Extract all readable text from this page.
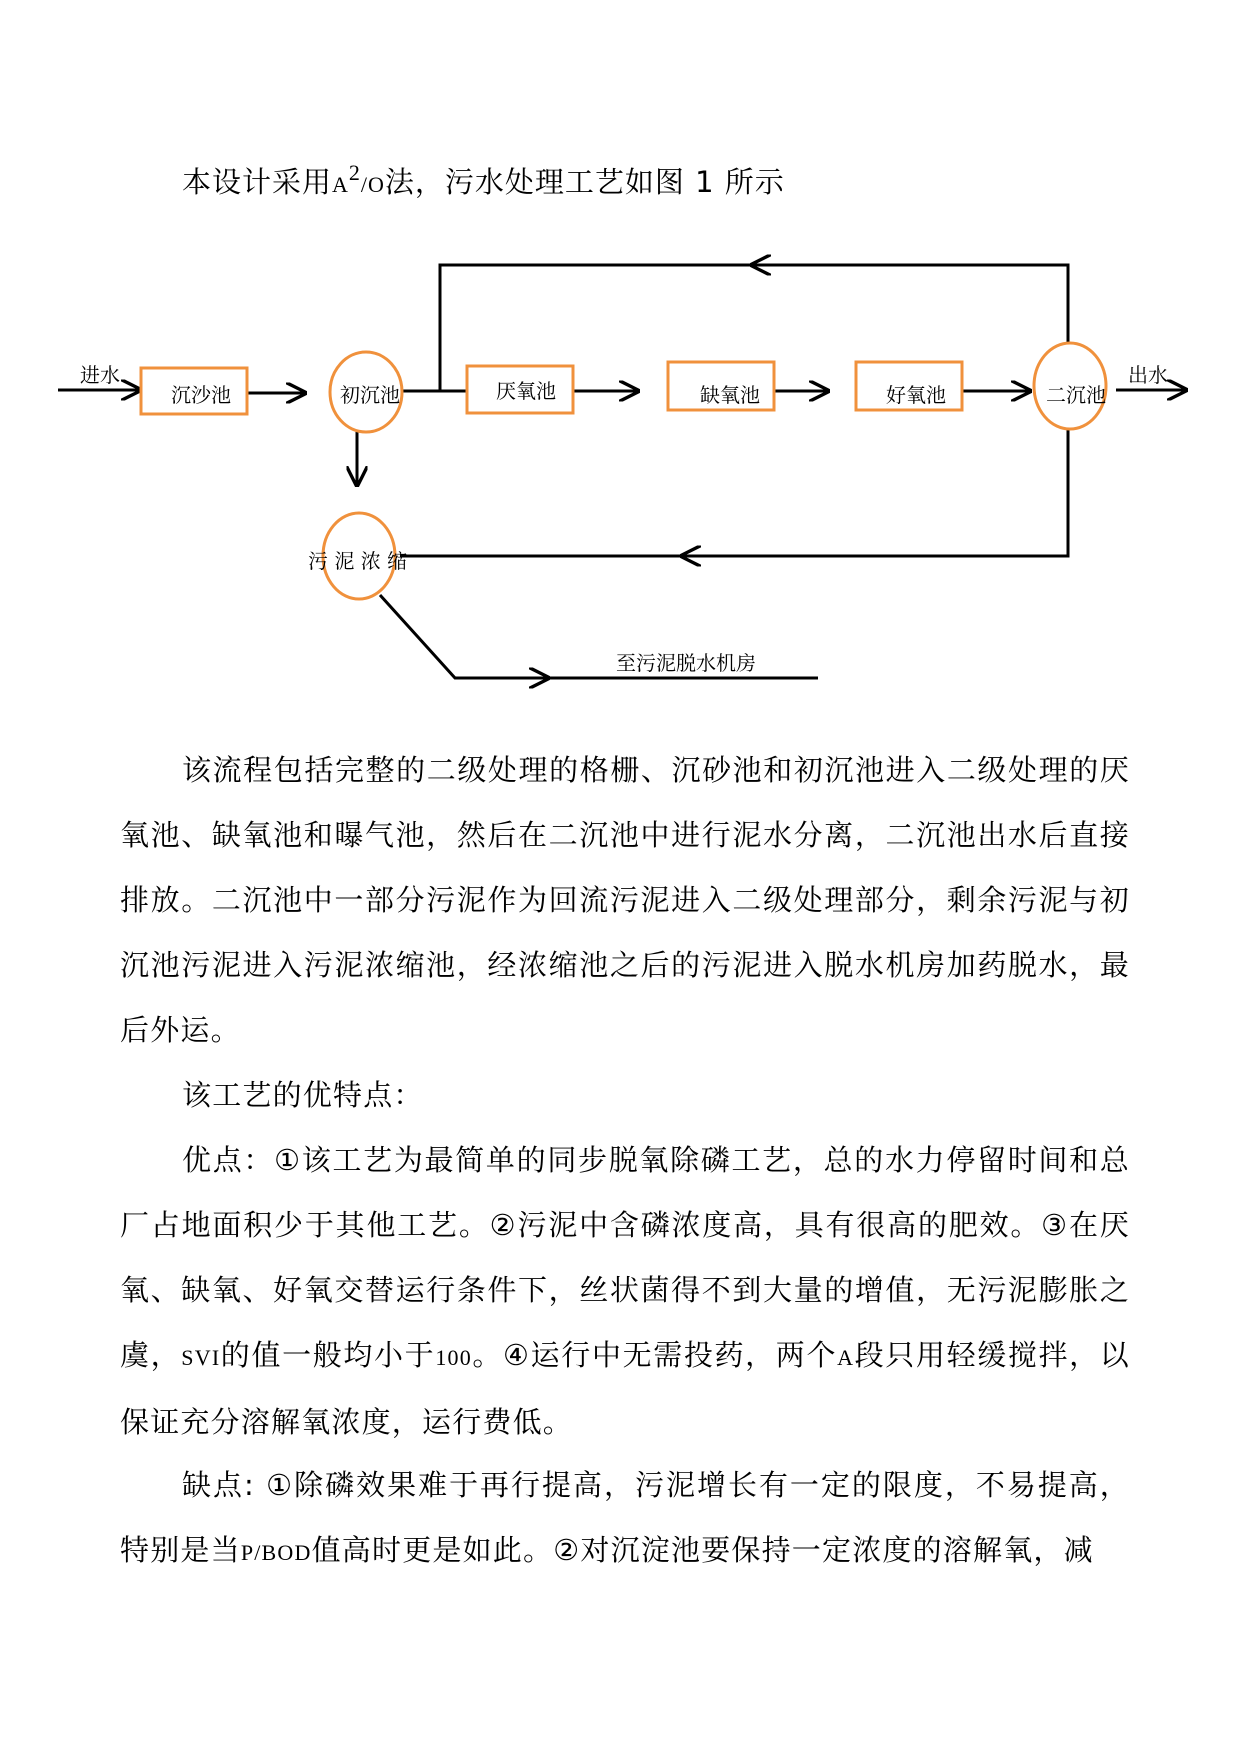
本设计采用$A^2/O$法，污水处理工艺如图 1 所示
进水
沉沙池	初沉池	厌氧池	缺氧池	好氧池	二沉池
出水
污 泥 浓 缩
至污泥脱水机房

该流程包括完整的二级处理的格栅、沉砂池和初沉池进入二级处理的厌氧池、缺氧池和曝气池，然后在二沉池中进行泥水分离，二沉池出水后直接排放。二沉池中一部分污泥作为回流污泥进入二级处理部分，剩余污泥与初沉池污泥进入污泥浓缩池，经浓缩池之后的污泥进入脱水机房加药脱水，最后外运。

该工艺的优特点：

优点：①该工艺为最简单的同步脱氧除磷工艺，总的水力停留时间和总厂占地面积少于其他工艺。②污泥中含磷浓度高，具有很高的肥效。③在厌氧、缺氧、好氧交替运行条件下，丝状菌得不到大量的增值，无污泥膨胀之虞，SVI的值一般均小于100。④运行中无需投药，两个A段只用轻缓搅拌，以保证充分溶解氧浓度，运行费低。

缺点: ①除磷效果难于再行提高，污泥增长有一定的限度，不易提高，特别是当P/BOD值高时更是如此。②对沉淀池要保持一定浓度的溶解氧，减
